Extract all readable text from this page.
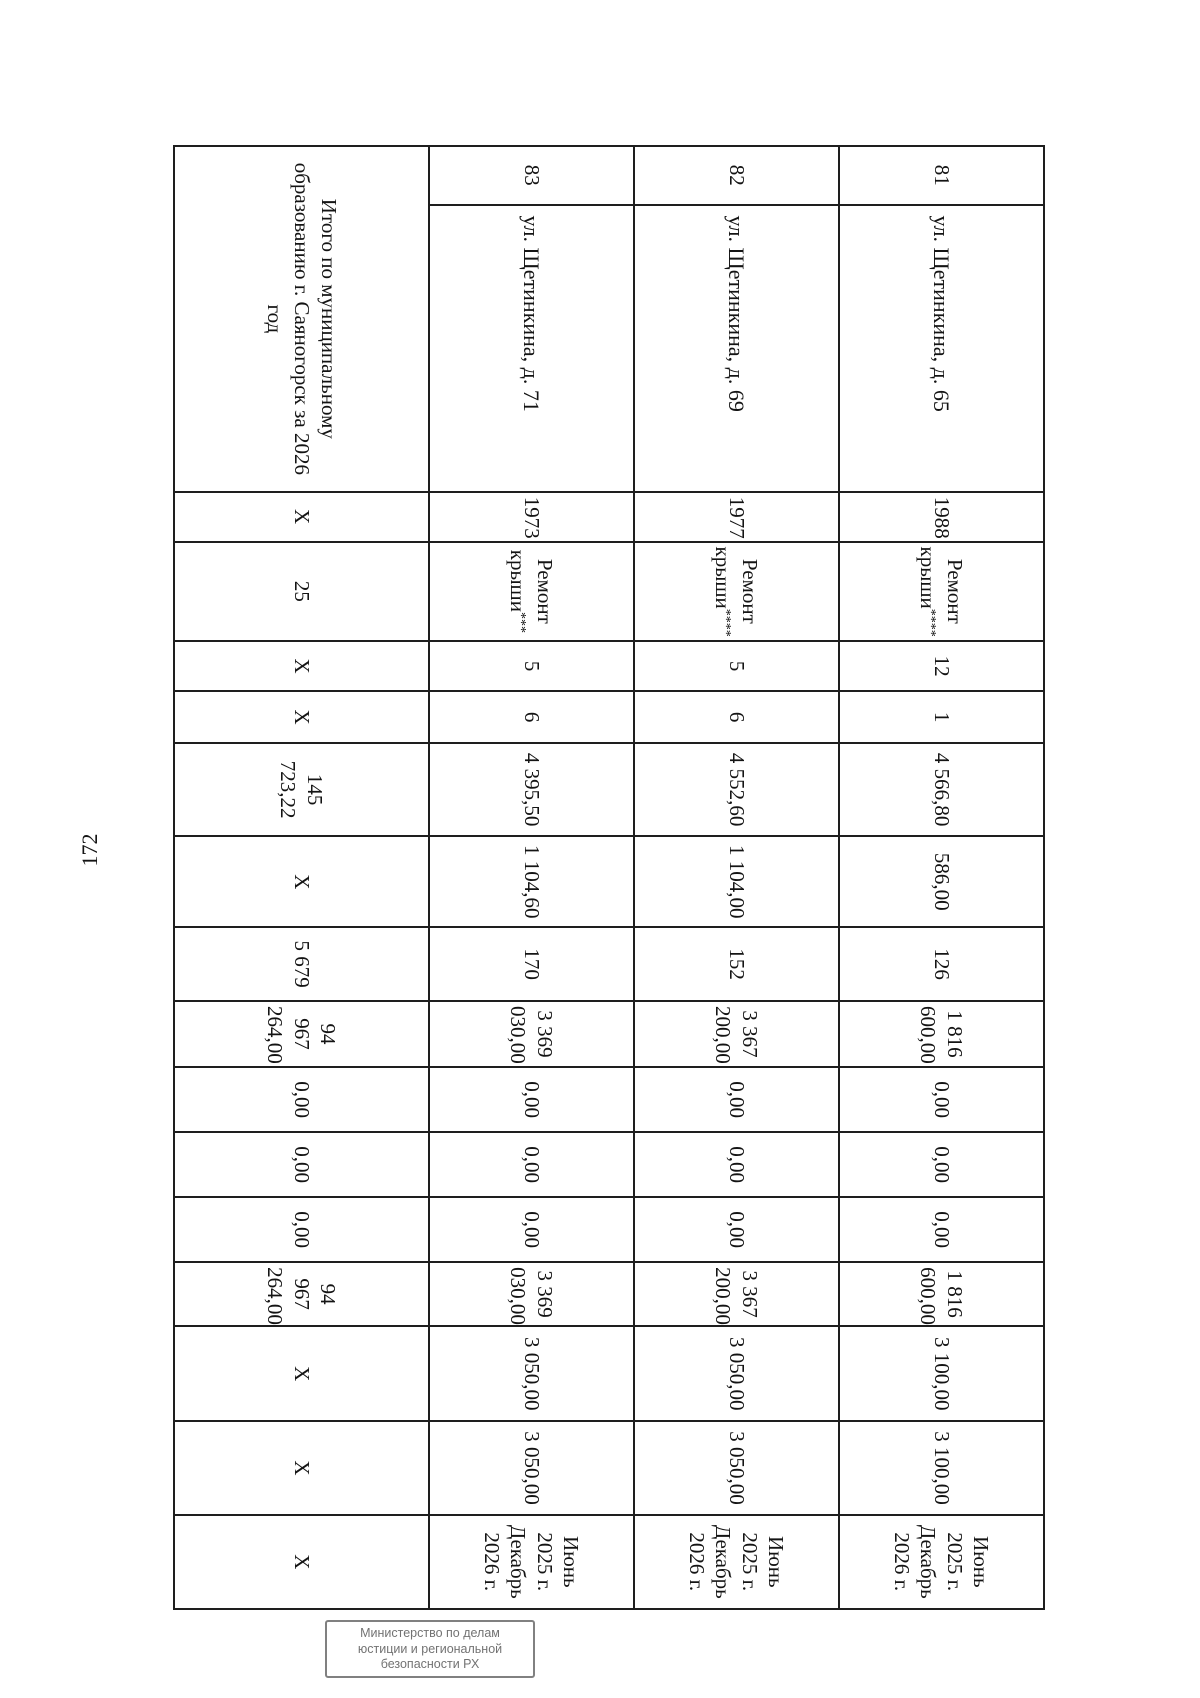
172
81	ул. Щетинкина, д. 65	1988	Ремонт крыши****	12	1	4 566,80	586,00	126	1 816 600,00	0,00	0,00	0,00	1 816 600,00	3 100,00	3 100,00	Июнь 2025 г.
Декабрь 2026 г.

82	ул. Щетинкина, д. 69	1977	Ремонт крыши****	5	6	4 552,60	1 104,00	152	3 367 200,00	0,00	0,00	0,00	3 367 200,00	3 050,00	3 050,00	Июнь 2025 г.
Декабрь 2026 г.

83	ул. Щетинкина, д. 71	1973	Ремонт крыши***	5	6	4 395,50	1 104,60	170	3 369 030,00	0,00	0,00	0,00	3 369 030,00	3 050,00	3 050,00	Июнь 2025 г.
Декабрь 2026 г.

Итого по муниципальному образованию г. Саяногорск за 2026 год		X	25	X	X	145 723,22	X	5 679	94 967 264,00	0,00	0,00	0,00	94 967 264,00	X	X	X
Министерство по делам
юстиции и региональной
безопасности РХ
